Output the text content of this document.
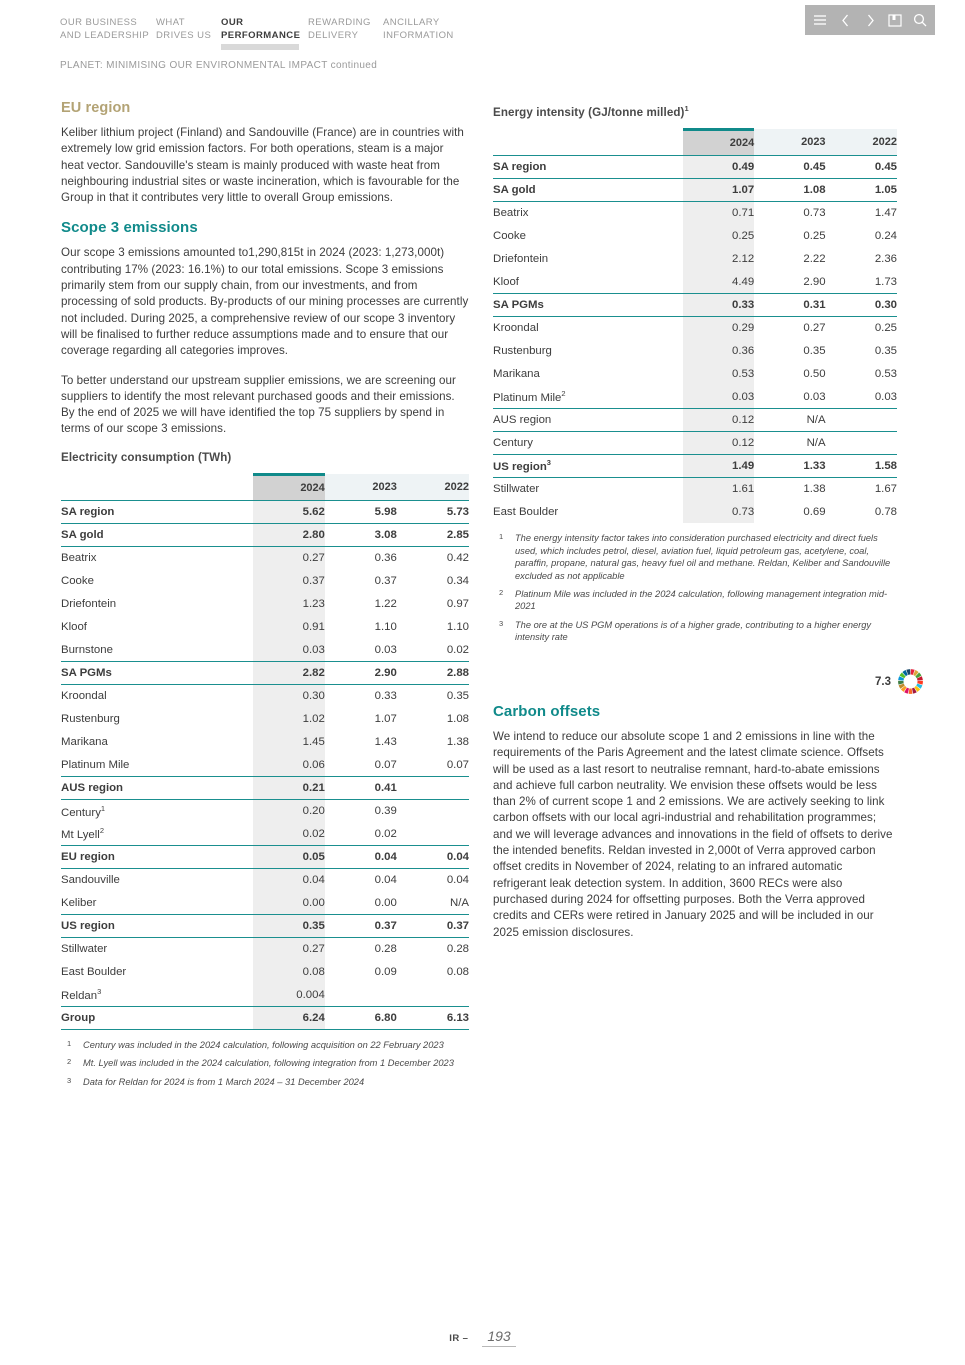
OUR BUSINESS
AND LEADERSHIP
WHAT
DRIVES US
OUR
PERFORMANCE
REWARDING
DELIVERY
ANCILLARY
INFORMATION
PLANET: MINIMISING OUR ENVIRONMENTAL IMPACT continued
EU region

Keliber lithium project (Finland) and Sandouville (France) are in countries with extremely low grid emission factors. For both operations, steam is a major heat vector. Sandouville's steam is mainly produced with waste heat from neighbouring industrial sites or waste incineration, which is favourable for the Group in that it contributes very little to overall Group emissions.

Scope 3 emissions

Our scope 3 emissions amounted to1,290,815t in 2024 (2023: 1,273,000t) contributing 17% (2023: 16.1%) to our total emissions. Scope 3 emissions primarily stem from our supply chain, from our investments, and from processing of sold products. By-products of our mining processes are currently not included. During 2025, a comprehensive review of our scope 3 inventory will be finalised to further reduce assumptions made and to ensure that our coverage regarding all categories improves.

To better understand our upstream supplier emissions, we are screening our suppliers to identify the most relevant purchased goods and their emissions. By the end of 2025 we will have identified the top 75 suppliers by spend in terms of our scope 3 emissions.

Electricity consumption (TWh)
	2024	2023	2022
SA region	5.62	5.98	5.73
SA gold	2.80	3.08	2.85
Beatrix	0.27	0.36	0.42
Cooke	0.37	0.37	0.34
Driefontein	1.23	1.22	0.97
Kloof	0.91	1.10	1.10
Burnstone	0.03	0.03	0.02
SA PGMs	2.82	2.90	2.88
Kroondal	0.30	0.33	0.35
Rustenburg	1.02	1.07	1.08
Marikana	1.45	1.43	1.38
Platinum Mile	0.06	0.07	0.07
AUS region	0.21	0.41	
Century$^1$	0.20	0.39	
Mt Lyell$^2$	0.02	0.02	
EU region	0.05	0.04	0.04
Sandouville	0.04	0.04	0.04
Keliber	0.00	0.00	N/A
US region	0.35	0.37	0.37
Stillwater	0.27	0.28	0.28
East Boulder	0.08	0.09	0.08
Reldan$^3$	0.004		
Group	6.24	6.80	6.13
1 Century was included in the 2024 calculation, following acquisition on 22 February 2023
2 Mt. Lyell was included in the 2024 calculation, following integration from 1 December 2023
3 Data for Reldan for 2024 is from 1 March 2024 – 31 December 2024
Energy intensity (GJ/tonne milled)$^1$
	2024	2023	2022
SA region	0.49	0.45	0.45
SA gold	1.07	1.08	1.05
Beatrix	0.71	0.73	1.47
Cooke	0.25	0.25	0.24
Driefontein	2.12	2.22	2.36
Kloof	4.49	2.90	1.73
SA PGMs	0.33	0.31	0.30
Kroondal	0.29	0.27	0.25
Rustenburg	0.36	0.35	0.35
Marikana	0.53	0.50	0.53
Platinum Mile$^2$	0.03	0.03	0.03
AUS region	0.12	N/A	
Century	0.12	N/A	
US region$^3$	1.49	1.33	1.58
Stillwater	1.61	1.38	1.67
East Boulder	0.73	0.69	0.78
1 The energy intensity factor takes into consideration purchased electricity and direct fuels used, which includes petrol, diesel, aviation fuel, liquid petroleum gas, acetylene, coal, paraffin, propane, natural gas, heavy fuel oil and methane. Reldan, Keliber and Sandouville excluded as not applicable
2 Platinum Mile was included in the 2024 calculation, following management integration mid-2021
3 The ore at the US PGM operations is of a higher grade, contributing to a higher energy intensity rate
7.3
Carbon offsets

We intend to reduce our absolute scope 1 and 2 emissions in line with the requirements of the Paris Agreement and the latest climate science. Offsets will be used as a last resort to neutralise remnant, hard-to-abate emissions and achieve full carbon neutrality. We envision these offsets would be less than 2% of current scope 1 and 2 emissions. We are actively seeking to link carbon offsets with our local agri-industrial and rehabilitation programmes; and we will leverage advances and innovations in the field of offsets to derive the intended benefits. Reldan invested in 2,000t of Verra approved carbon offset credits in November of 2024, relating to an infrared automatic refrigerant leak detection system. In addition, 3600 RECs were also purchased during 2024 for offsetting purposes. Both the Verra approved credits and CERs were retired in January 2025 and will be included in our 2025 emission disclosures.

IR – 193
